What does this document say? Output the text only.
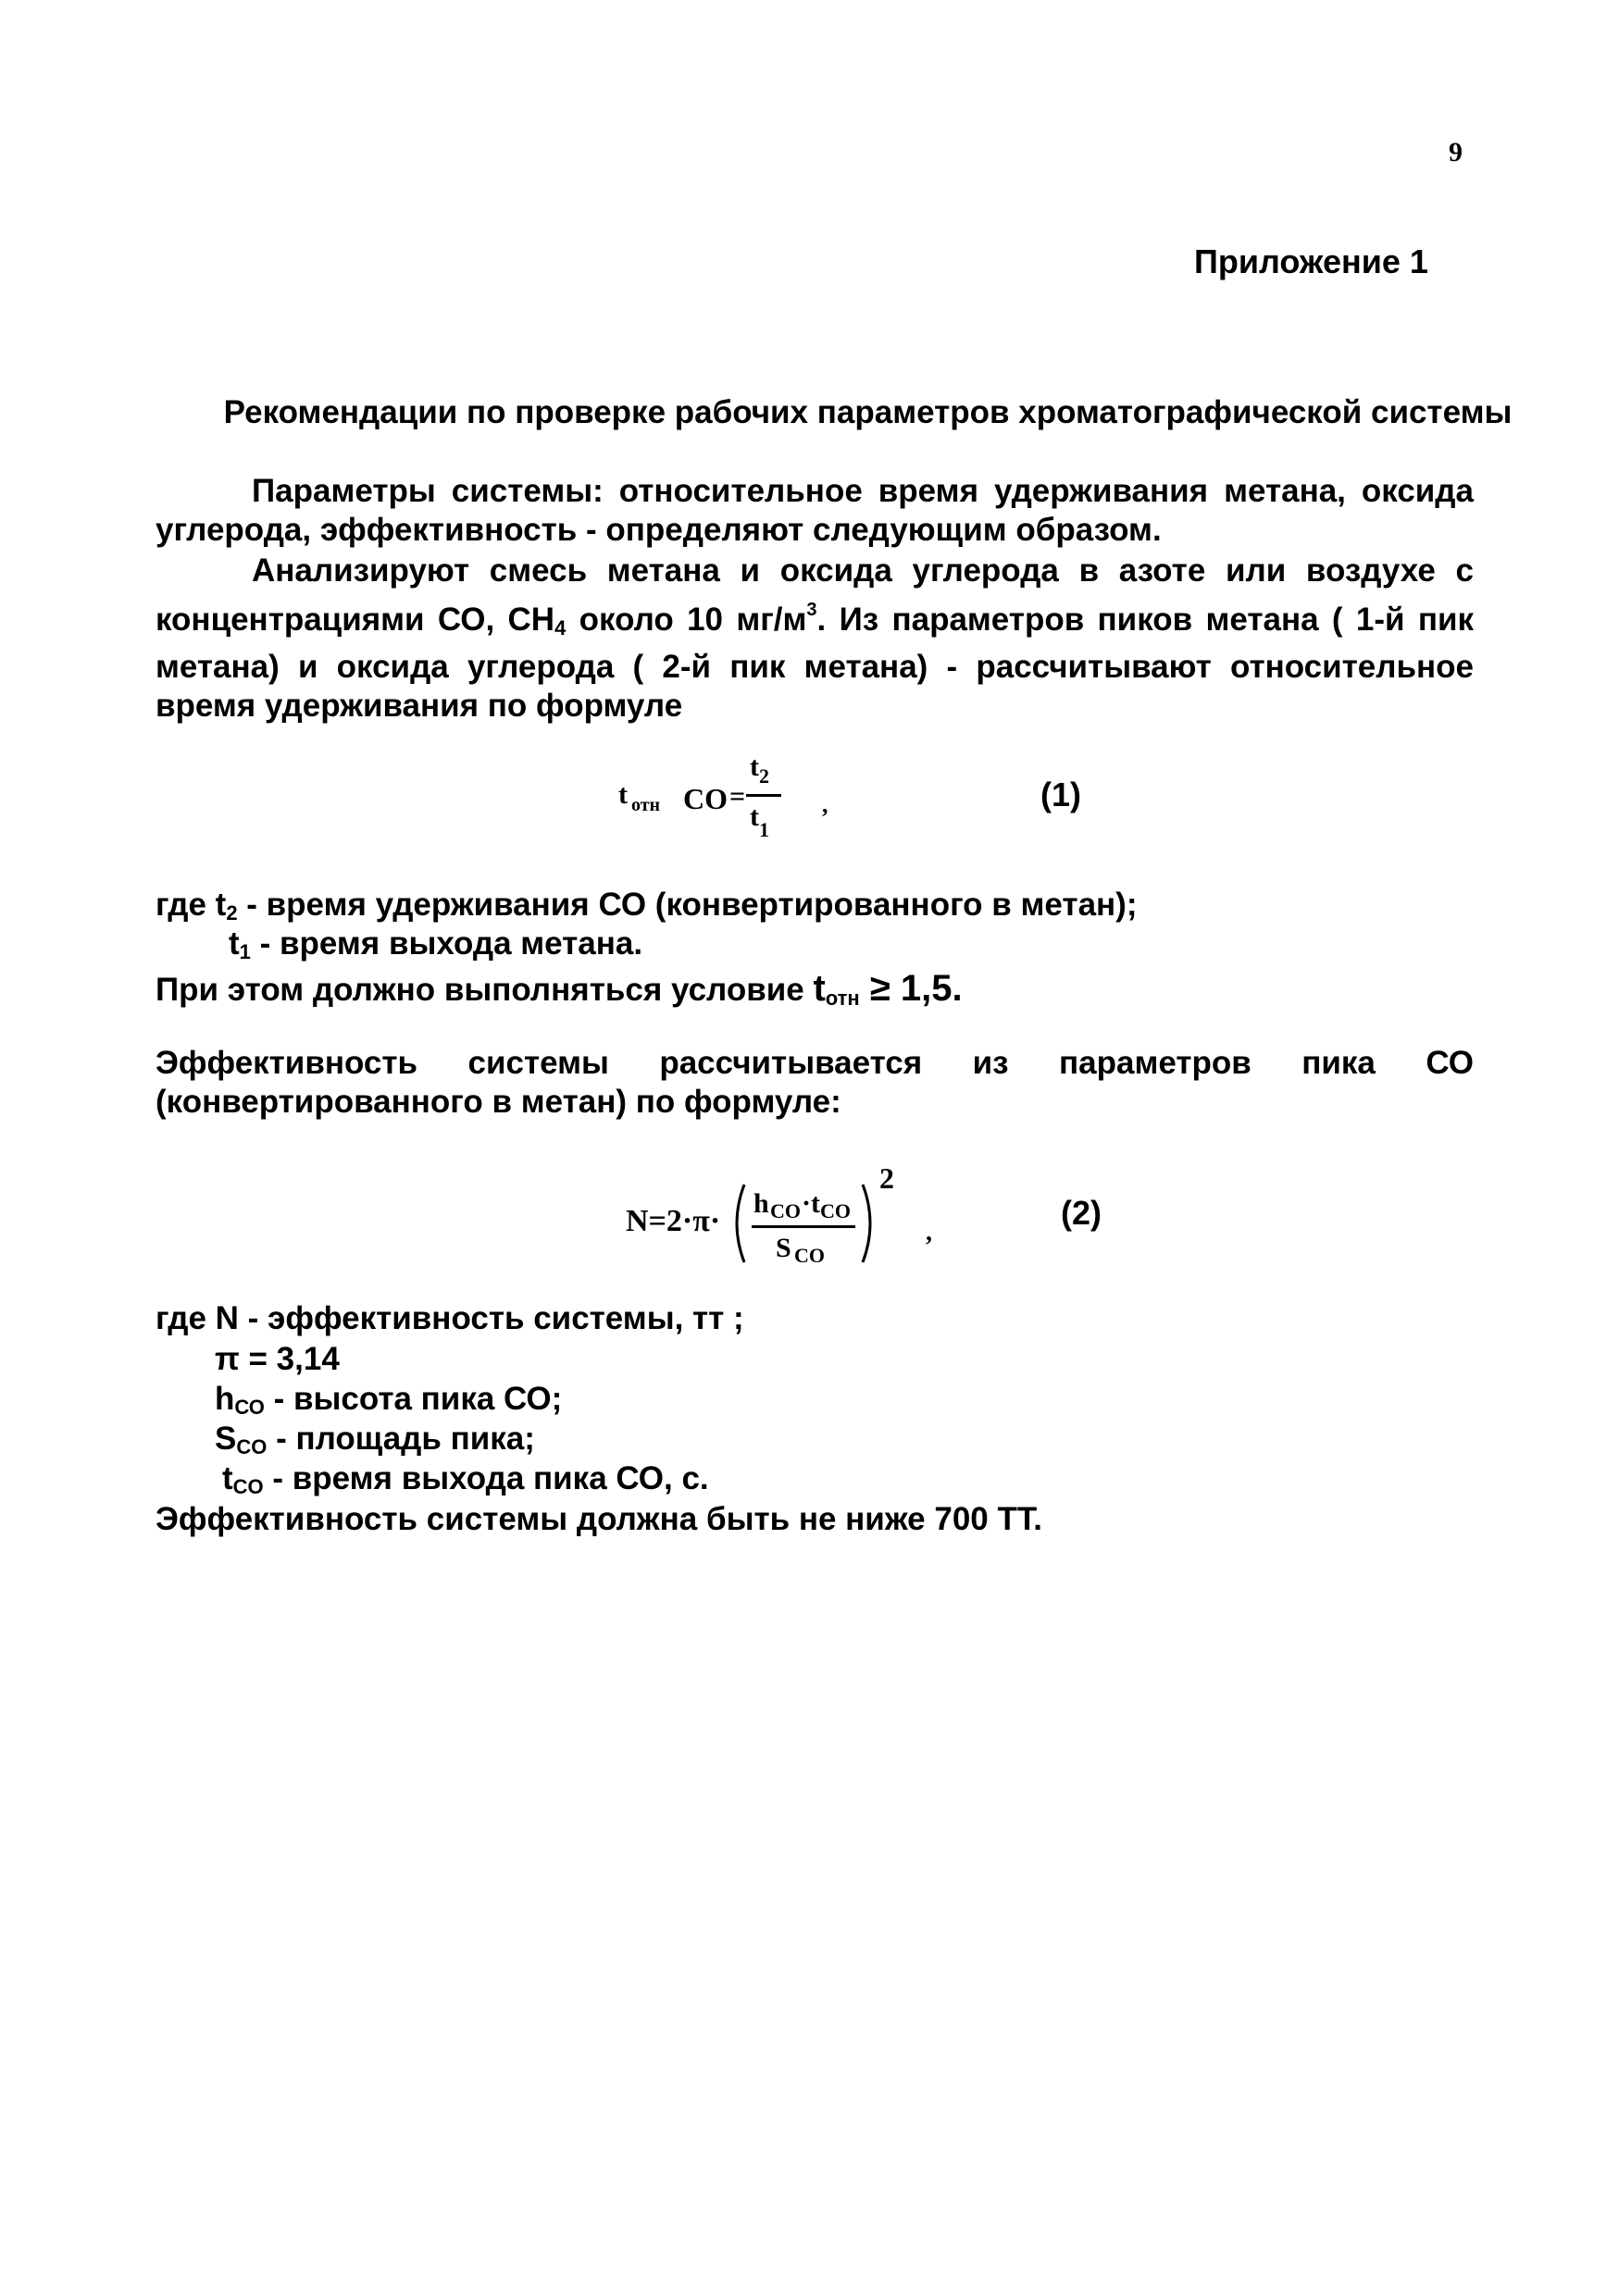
9
Приложение 1
Рекомендации по проверке рабочих параметров хроматографической системы
Параметры системы: относительное время удерживания метана, оксида углерода, эффективность - определяют следующим образом.
Анализируют смесь метана и оксида углерода в азоте или воздухе с концентрациями СО, $СН_4$ около 10 $мг/м^3$. Из параметров пиков метана ( 1-й пик метана) и оксида углерода ( 2-й пик метана) - рассчитывают относительное время удерживания по формуле
t отн СО =
t 2
t 1
,	(1)
где $t_2$ - время удерживания СО (конвертированного в метан);
$t_1$ - время выхода метана.
При этом должно выполняться условие $t_{отн} \ge 1,5$.
Эффективность системы рассчитывается из параметров пика СО (конвертированного в метан) по формуле:
N=2·π·
h CO · t CO
S CO
2
,
(2)
где N - эффективность системы, тт ;
π = 3,14
$h_{СО}$ - высота пика СО;
$S_{CO}$ - площадь пика;
$t_{CO}$ - время выхода пика СО, с.
Эффективность системы должна быть не ниже 700 ТТ.
